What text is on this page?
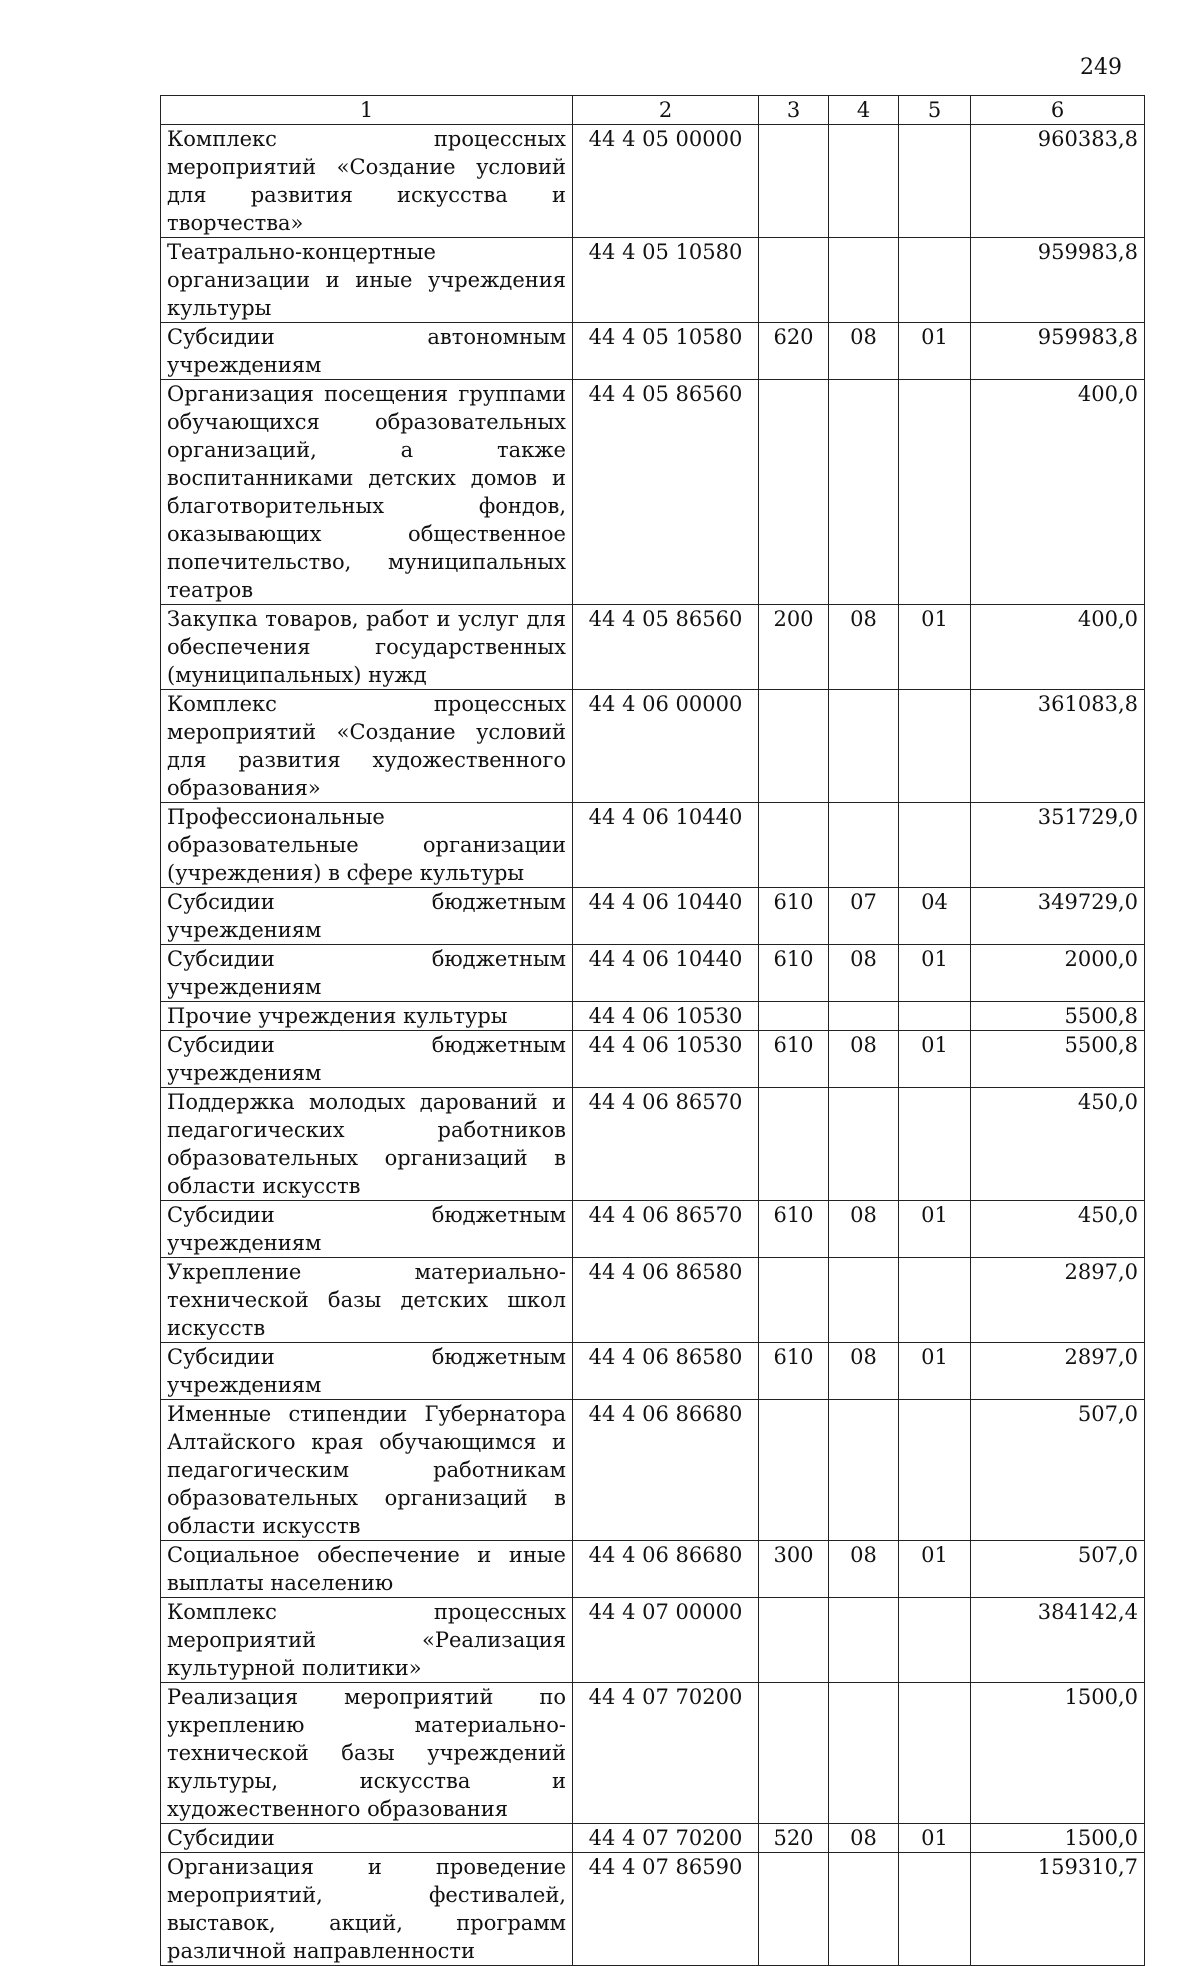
249
1	2	3	4	5	6
Комплекс процессных мероприятий «Создание условий для развития искусства и творчества»	44 4 05 00000				960383,8
Театрально-концертные организации и иные учреждения культуры	44 4 05 10580				959983,8
Субсидии автономным учреждениям	44 4 05 10580	620	08	01	959983,8
Организация посещения группами обучающихся образовательных организаций, а также воспитанниками детских домов и благотворительных фондов, оказывающих общественное попечительство, муниципальных театров	44 4 05 86560				400,0
Закупка товаров, работ и услуг для обеспечения государственных (муниципальных) нужд	44 4 05 86560	200	08	01	400,0
Комплекс процессных мероприятий «Создание условий для развития художественного образования»	44 4 06 00000				361083,8
Профессиональные образовательные организации (учреждения) в сфере культуры	44 4 06 10440				351729,0
Субсидии бюджетным учреждениям	44 4 06 10440	610	07	04	349729,0
Субсидии бюджетным учреждениям	44 4 06 10440	610	08	01	2000,0
Прочие учреждения культуры	44 4 06 10530				5500,8
Субсидии бюджетным учреждениям	44 4 06 10530	610	08	01	5500,8
Поддержка молодых дарований и педагогических работников образовательных организаций в области искусств	44 4 06 86570				450,0
Субсидии бюджетным учреждениям	44 4 06 86570	610	08	01	450,0
Укрепление материально-технической базы детских школ искусств	44 4 06 86580				2897,0
Субсидии бюджетным учреждениям	44 4 06 86580	610	08	01	2897,0
Именные стипендии Губернатора Алтайского края обучающимся и педагогическим работникам образовательных организаций в области искусств	44 4 06 86680				507,0
Социальное обеспечение и иные выплаты населению	44 4 06 86680	300	08	01	507,0
Комплекс процессных мероприятий «Реализация культурной политики»	44 4 07 00000				384142,4
Реализация мероприятий по укреплению материально-технической базы учреждений культуры, искусства и художественного образования	44 4 07 70200				1500,0
Субсидии	44 4 07 70200	520	08	01	1500,0
Организация и проведение мероприятий, фестивалей, выставок, акций, программ различной направленности	44 4 07 86590				159310,7
